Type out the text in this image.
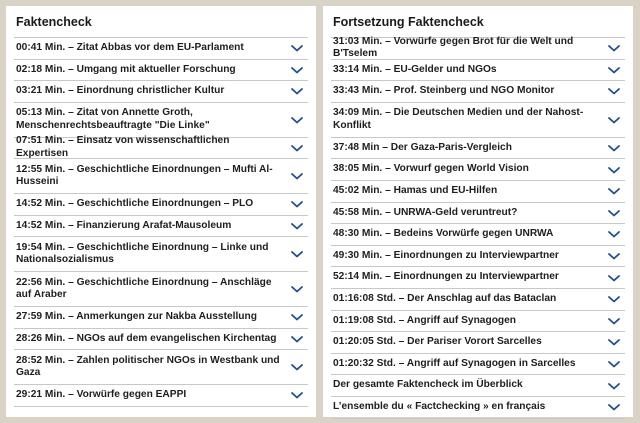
Faktencheck
00:41 Min. – Zitat Abbas vor dem EU-Parlament
02:18 Min. – Umgang mit aktueller Forschung
03:21 Min. – Einordnung christlicher Kultur
05:13 Min. – Zitat von Annette Groth, Menschenrechtsbeauftragte "Die Linke"
07:51 Min. – Einsatz von wissenschaftlichen Expertisen
12:55 Min. – Geschichtliche Einordnungen – Mufti Al-Husseini
14:52 Min. – Geschichtliche Einordnungen – PLO
14:52 Min. – Finanzierung Arafat-Mausoleum
19:54 Min. – Geschichtliche Einordnung – Linke und Nationalsozialismus
22:56 Min. – Geschichtliche Einordnung – Anschläge auf Araber
27:59 Min. – Anmerkungen zur Nakba Ausstellung
28:26 Min. – NGOs auf dem evangelischen Kirchentag
28:52 Min. – Zahlen politischer NGOs in Westbank und Gaza
29:21 Min. – Vorwürfe gegen EAPPI
Fortsetzung Faktencheck
31:03 Min. – Vorwürfe gegen Brot für die Welt und B'Tselem
33:14 Min. – EU-Gelder und NGOs
33:43 Min. – Prof. Steinberg und NGO Monitor
34:09 Min. – Die Deutschen Medien und der Nahost-Konflikt
37:48 Min – Der Gaza-Paris-Vergleich
38:05 Min. – Vorwurf gegen World Vision
45:02 Min. – Hamas und EU-Hilfen
45:58 Min. – UNRWA-Geld veruntreut?
48:30 Min. – Bedeins Vorwürfe gegen UNRWA
49:30 Min. – Einordnungen zu Interviewpartner
52:14 Min. – Einordnungen zu Interviewpartner
01:16:08 Std. – Der Anschlag auf das Bataclan
01:19:08 Std. – Angriff auf Synagogen
01:20:05 Std. – Der Pariser Vorort Sarcelles
01:20:32 Std. – Angriff auf Synagogen in Sarcelles
Der gesamte Faktencheck im Überblick
L’ensemble du « Factchecking » en français
